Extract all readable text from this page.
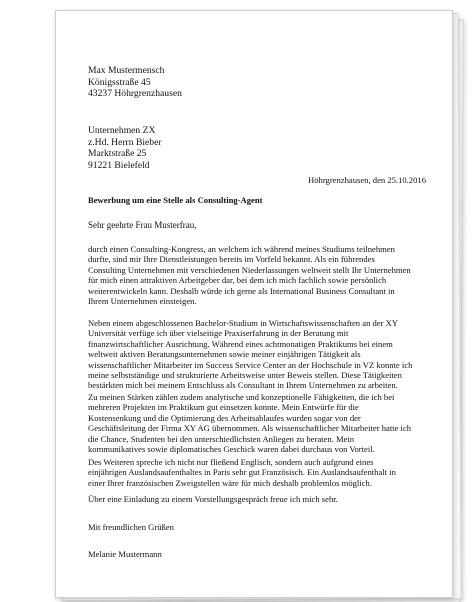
Max Mustermensch
Königsstraße 45
43237 Höhrgrenzhausen
Unternehmen ZX
z.Hd. Herrn Bieber
Marktstraße 25
91221 Bielefeld
Höhrgrenzhausen, den 25.10.2016
Bewerbung um eine Stelle als Consulting-Agent
Sehr geehrte Frau Musterfrau,
durch einen Consulting-Kongress, an welchem ich während meines Studiums teilnehmen
durfte, sind mir Ihre Dienstleistungen bereits im Vorfeld bekannt. Als ein führendes
Consulting Unternehmen mit verschiedenen Niederlassungen weltweit stellt Ihr Unternehmen
für mich einen attraktiven Arbeitgeber dar, bei dem ich mich fachlich sowie persönlich
weiterentwickeln kann. Deshalb würde ich gerne als International Business Consultant in
Ihrem Unternehmen einsteigen.
Neben einem abgeschlossenen Bachelor-Studium in Wirtschaftswissenschaften an der XY
Universität verfüge ich über vielseitige Praxiserfahrung in der Beratung mit
finanzwirtschaftlicher Ausrichtung. Während eines achtmonatigen Praktikums bei einem
weltweit aktiven Beratungsunternehmen sowie meiner einjährigen Tätigkeit als
wissenschaftlicher Mitarbeiter im Success Service Center an der Hochschule in VZ konnte ich
meine selbstständige und strukturierte Arbeitsweise unter Beweis stellen. Diese Tätigkeiten
bestärkten mich bei meinem Entschluss als Consultant in Ihrem Unternehmen zu arbeiten.
Zu meinen Stärken zählen zudem analytische und konzeptionelle Fähigkeiten, die ich bei
mehreren Projekten im Praktikum gut einsetzen konnte. Mein Entwürfe für die
Kostensenkung und die Optimierung des Arbeitsablaufes wurden sogar von der
Geschäftsleitung der Firma XY AG übernommen. Als wissenschaftlicher Mitarbeiter hatte ich
die Chance, Studenten bei den unterschiedlichsten Anliegen zu beraten. Mein
kommunikatives sowie diplomatisches Geschick waren dabei durchaus von Vorteil.
Des Weiteren spreche ich nicht nur fließend Englisch, sondern auch aufgrund eines
einjährigen Auslandsaufenthaltes in Paris sehr gut Französisch. Ein Auslandsaufenthalt in
einer Ihrer französischen Zweigstellen wäre für mich deshalb problemlos möglich.
Über eine Einladung zu einem Vorstellungsgespräch freue ich mich sehr.
Mit freundlichen Grüßen
Melanie Mustermann
